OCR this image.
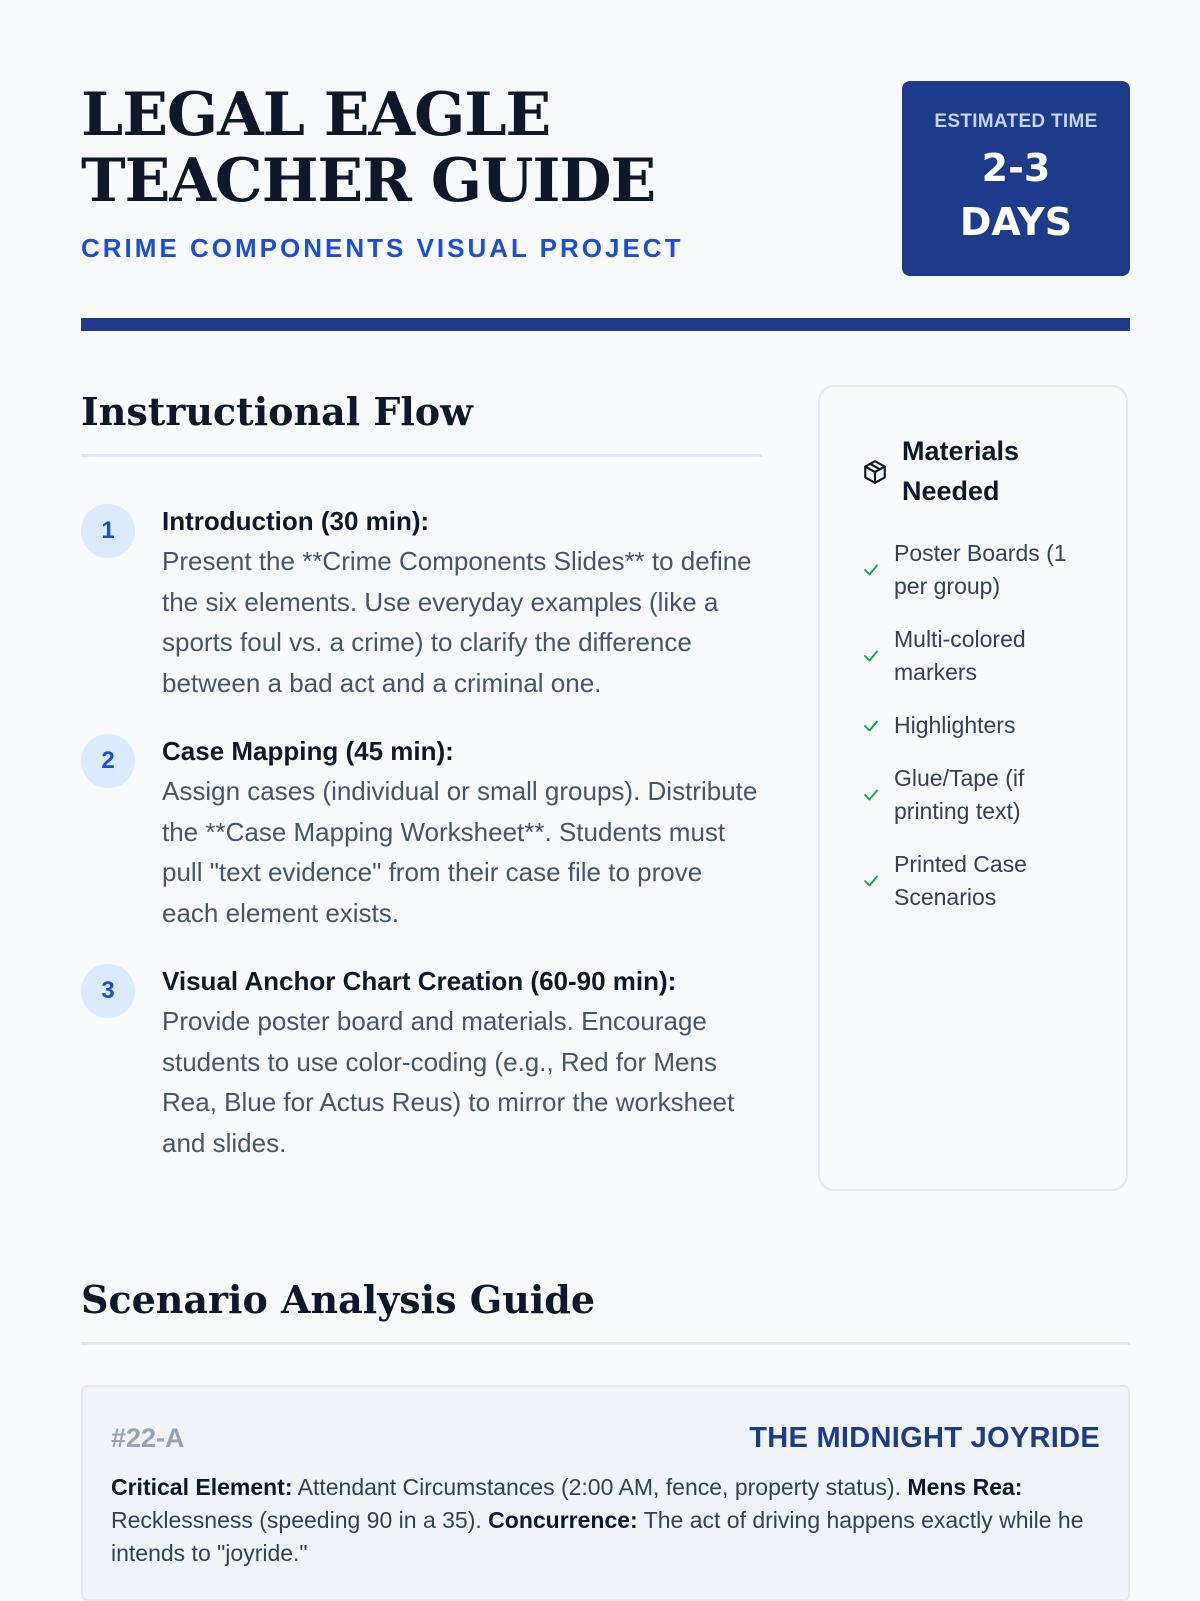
LEGAL EAGLE TEACHER GUIDE
CRIME COMPONENTS VISUAL PROJECT
ESTIMATED TIME
2-3 DAYS
Instructional Flow
1	Introduction (30 min):
Present the **Crime Components Slides** to define the six elements. Use everyday examples (like a sports foul vs. a crime) to clarify the difference between a bad act and a criminal one.
2	Case Mapping (45 min):
Assign cases (individual or small groups). Distribute the **Case Mapping Worksheet**. Students must pull "text evidence" from their case file to prove each element exists.
3	Visual Anchor Chart Creation (60-90 min):
Provide poster board and materials. Encourage students to use color-coding (e.g., Red for Mens Rea, Blue for Actus Reus) to mirror the worksheet and slides.
Materials Needed
Poster Boards (1 per group)
Multi-colored markers
Highlighters
Glue/Tape (if printing text)
Printed Case Scenarios
Scenario Analysis Guide
#22-A	THE MIDNIGHT JOYRIDE
Critical Element: Attendant Circumstances (2:00 AM, fence, property status). Mens Rea: Recklessness (speeding 90 in a 35). Concurrence: The act of driving happens exactly while he intends to "joyride."
